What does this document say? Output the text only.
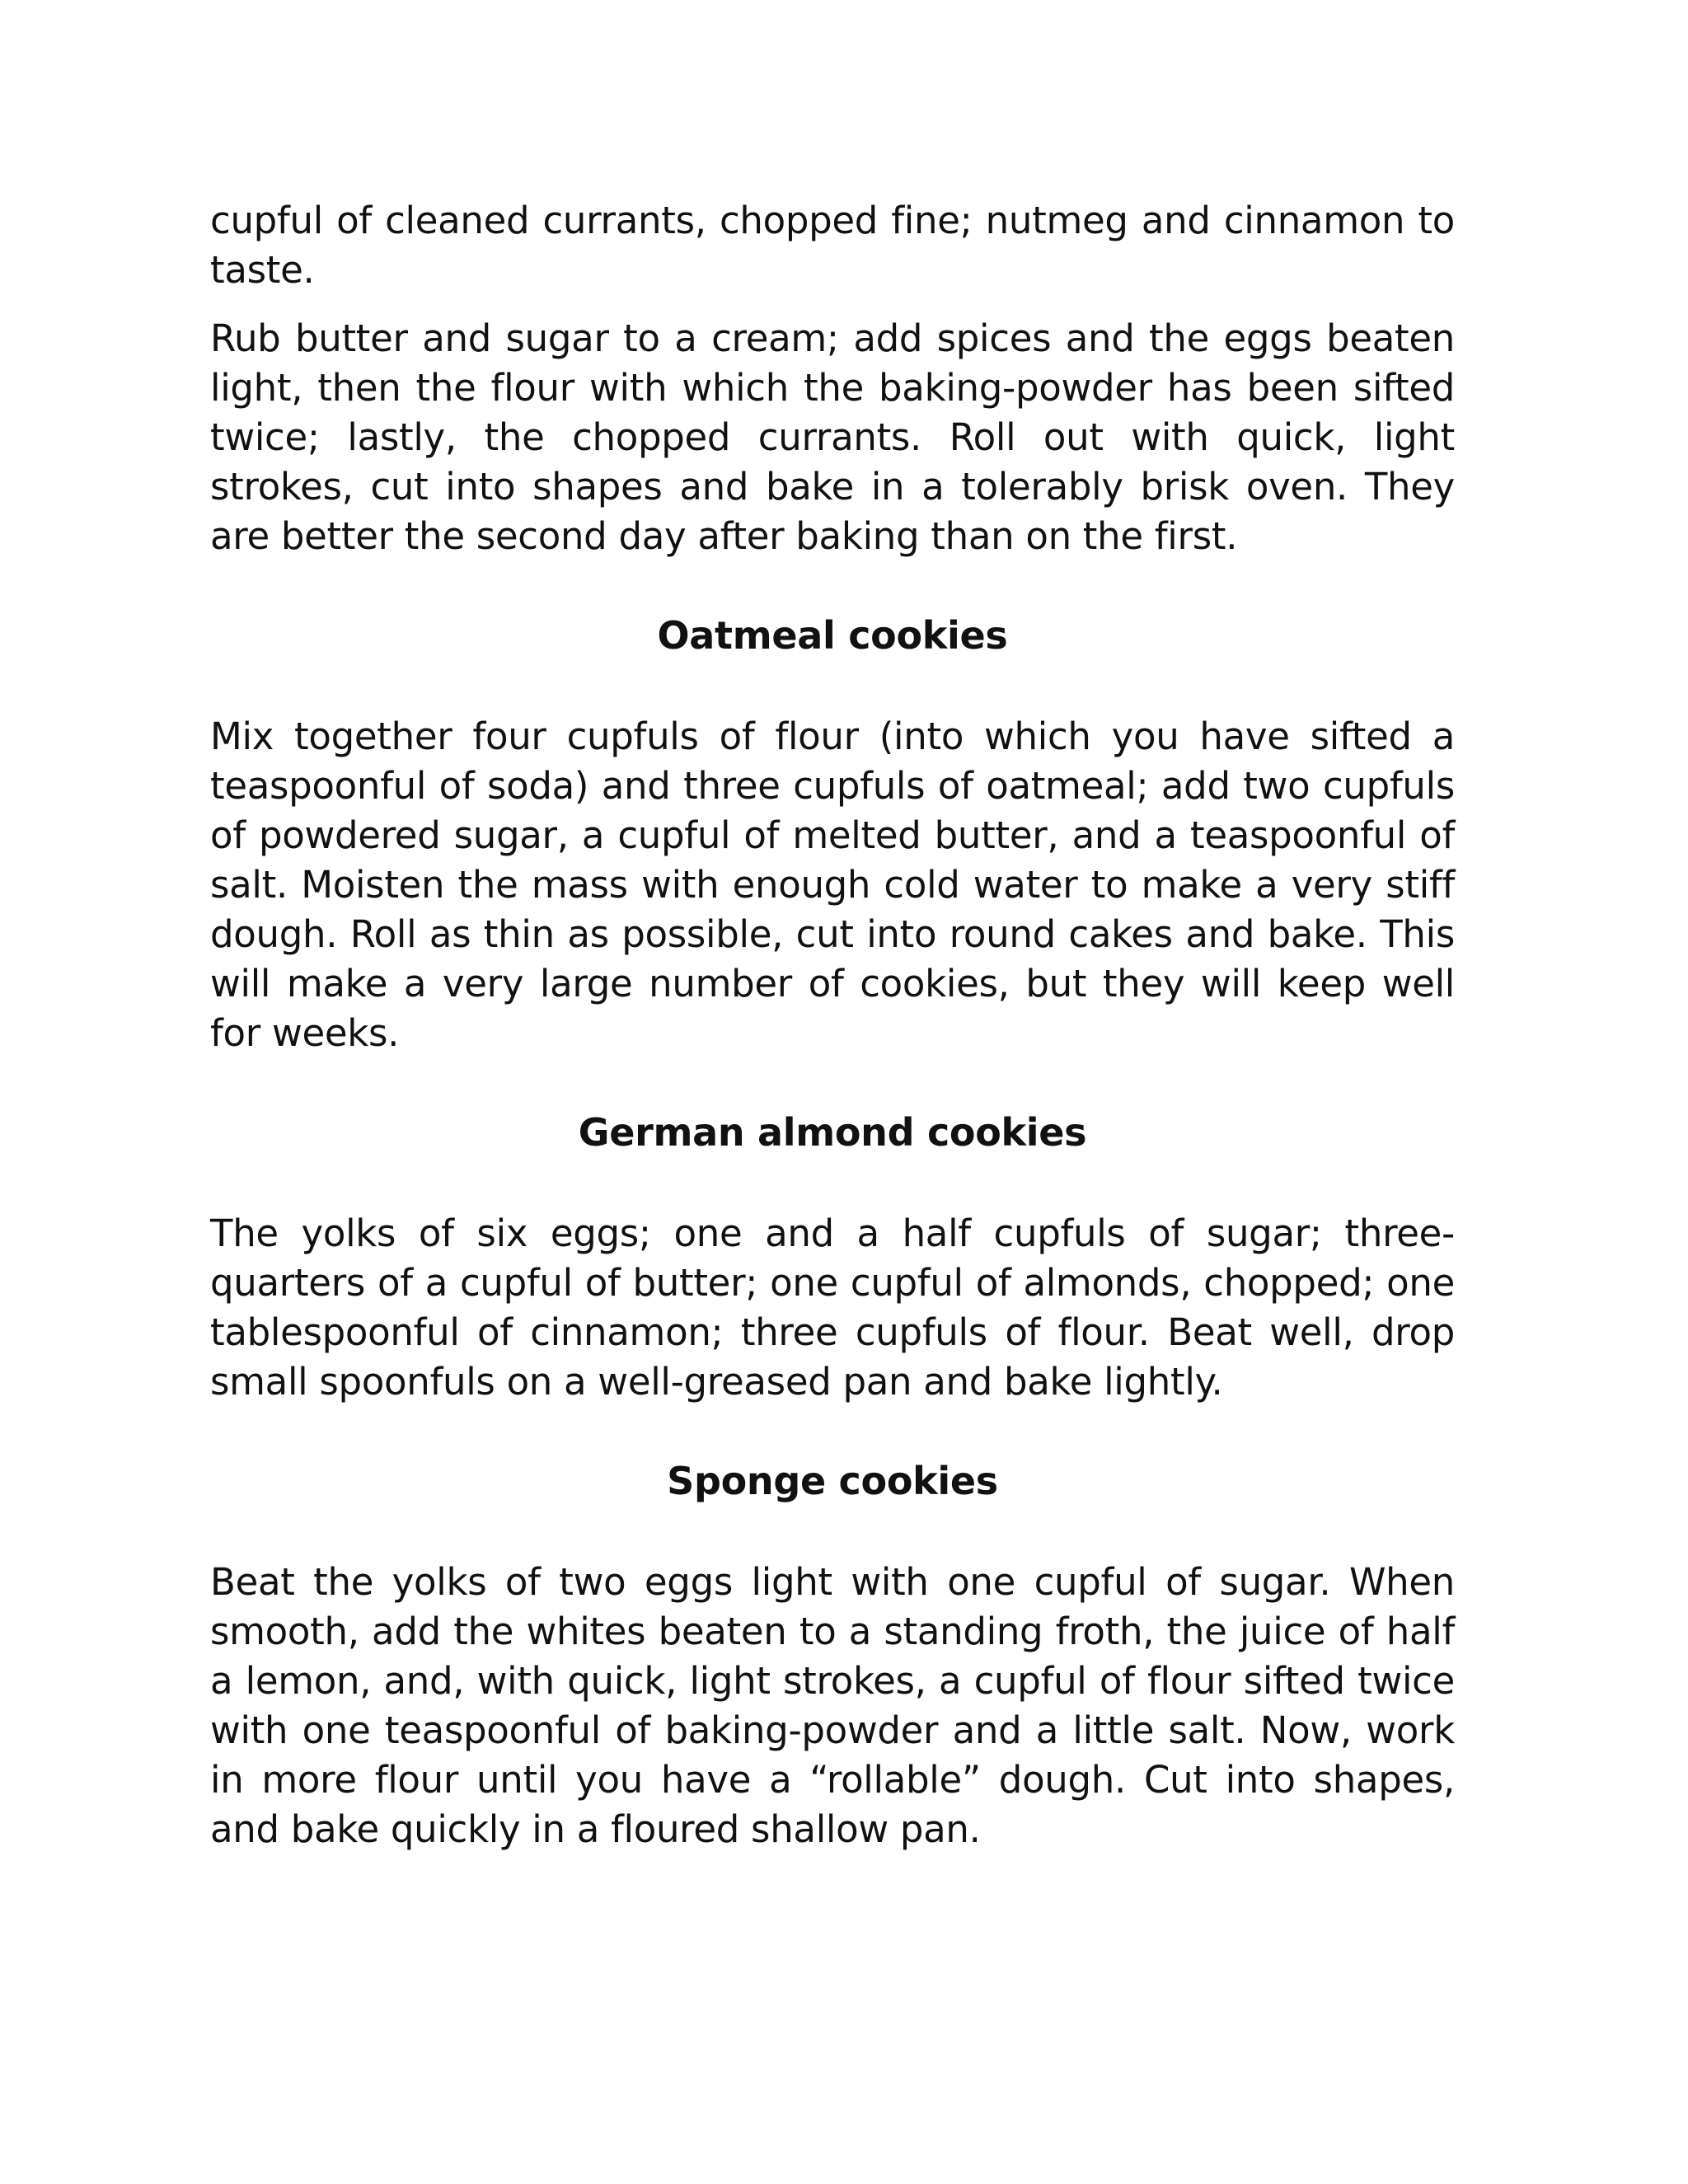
cupful of cleaned currants, chopped fine; nutmeg and cinnamon to taste.

Rub butter and sugar to a cream; add spices and the eggs beaten light, then the flour with which the baking-powder has been sifted twice; lastly, the chopped currants. Roll out with quick, light strokes, cut into shapes and bake in a tolerably brisk oven. They are better the second day after baking than on the first.

Oatmeal cookies

Mix together four cupfuls of flour (into which you have sifted a teaspoonful of soda) and three cupfuls of oatmeal; add two cupfuls of powdered sugar, a cupful of melted butter, and a teaspoonful of salt. Moisten the mass with enough cold water to make a very stiff dough. Roll as thin as possible, cut into round cakes and bake. This will make a very large number of cookies, but they will keep well for weeks.

German almond cookies

The yolks of six eggs; one and a half cupfuls of sugar; three-quarters of a cupful of butter; one cupful of almonds, chopped; one tablespoonful of cinnamon; three cupfuls of flour. Beat well, drop small spoonfuls on a well-greased pan and bake lightly.

Sponge cookies

Beat the yolks of two eggs light with one cupful of sugar. When smooth, add the whites beaten to a standing froth, the juice of half a lemon, and, with quick, light strokes, a cupful of flour sifted twice with one teaspoonful of baking-powder and a little salt. Now, work in more flour until you have a “rollable” dough. Cut into shapes, and bake quickly in a floured shallow pan.
